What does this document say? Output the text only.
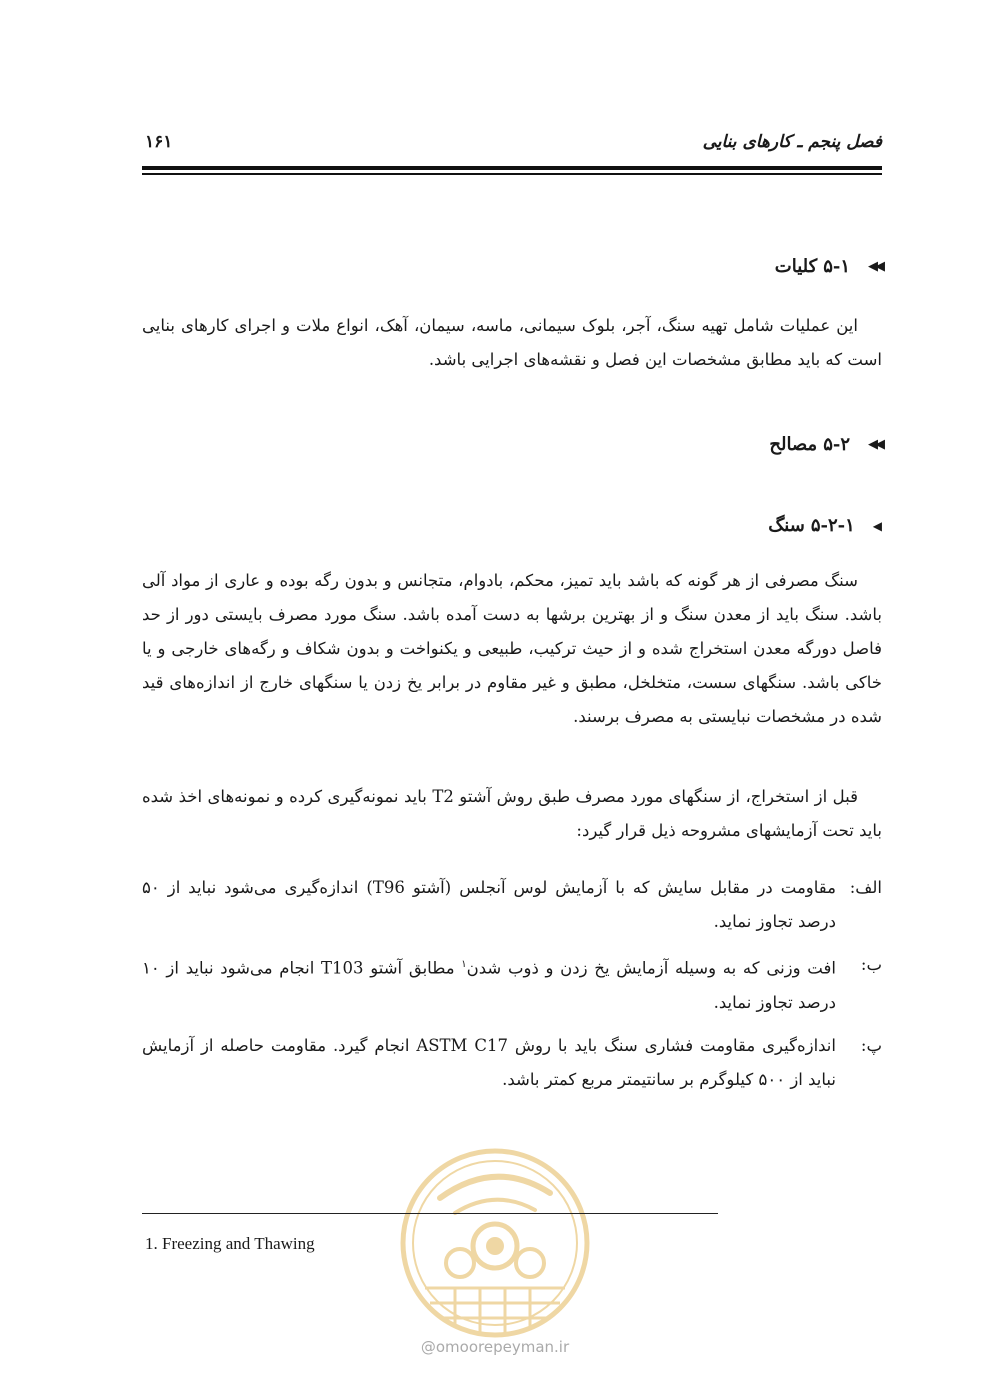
فصل پنجم ـ کارهای بنایی
۱۶۱
◀◀
۵-۱
کلیات

این عملیات شامل تهیه سنگ، آجر، بلوک سیمانی، ماسه، سیمان، آهک، انواع ملات و اجرای کارهای بنایی است که باید مطابق مشخصات این فصل و نقشه‌های اجرایی باشد.

◀◀
۵-۲
مصالح
◀
۵-۲-۱
سنگ

سنگ مصرفی از هر گونه که باشد باید تمیز، محکم، بادوام، متجانس و بدون رگه بوده و عاری از مواد آلی باشد. سنگ باید از معدن سنگ و از بهترین برشها به دست آمده باشد. سنگ مورد مصرف بایستی دور از حد فاصل دورگه معدن استخراج شده و از حیث ترکیب، طبیعی و یکنواخت و بدون شکاف و رگه‌های خارجی و یا خاکی باشد. سنگهای سست، متخلخل، مطبق و غیر مقاوم در برابر یخ زدن یا سنگهای خارج از اندازه‌های قید شده در مشخصات نبایستی به مصرف برسند.

قبل از استخراج، از سنگهای مورد مصرف طبق روش آشتو T2 باید نمونه‌گیری کرده و نمونه‌های اخذ شده باید تحت آزمایشهای مشروحه ذیل قرار گیرد:

الف:
مقاومت در مقابل سایش که با آزمایش لوس آنجلس (آشتو T96) اندازه‌گیری می‌شود نباید از ۵۰ درصد تجاوز نماید.
ب:
افت وزنی که به وسیله آزمایش یخ زدن و ذوب شدن$^۱$ مطابق آشتو T103 انجام می‌شود نباید از ۱۰ درصد تجاوز نماید.
پ:
اندازه‌گیری مقاومت فشاری سنگ باید با روش ASTM C17 انجام گیرد. مقاومت حاصله از آزمایش نباید از ۵۰۰ کیلوگرم بر سانتیمتر مربع کمتر باشد.
@omoorepeyman.ir
1. Freezing and Thawing
